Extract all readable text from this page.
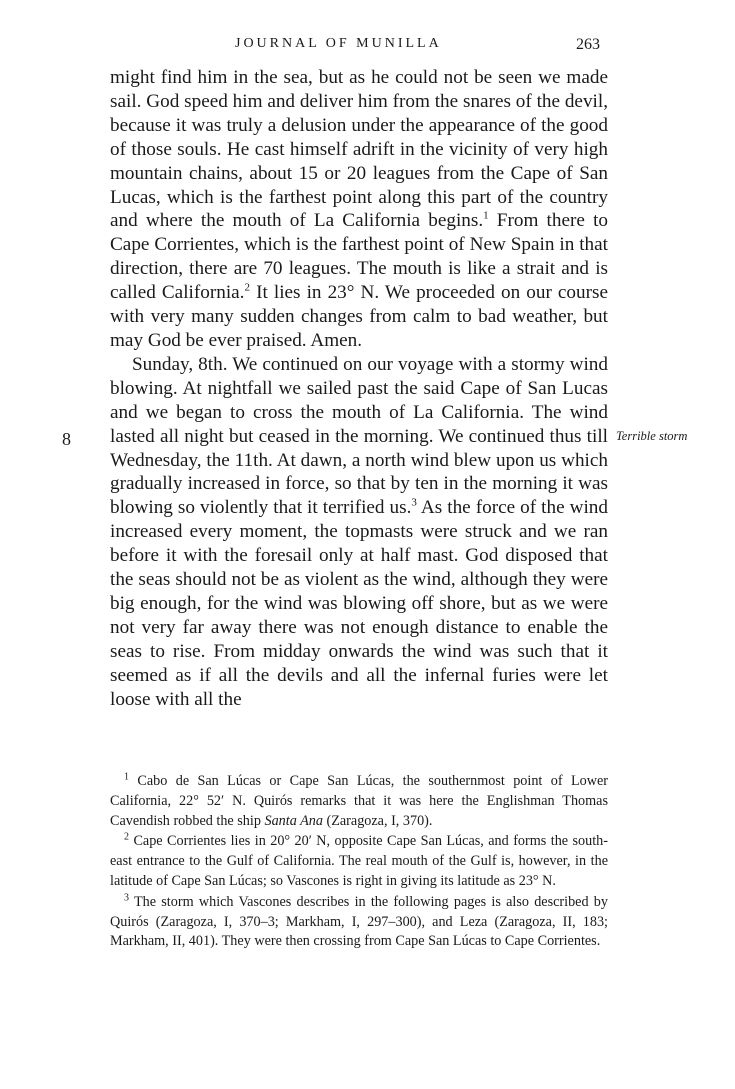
JOURNAL OF MUNILLA	263
8	Terrible storm

might find him in the sea, but as he could not be seen we made sail. God speed him and deliver him from the snares of the devil, because it was truly a delusion under the appearance of the good of those souls. He cast himself adrift in the vicinity of very high mountain chains, about 15 or 20 leagues from the Cape of San Lucas, which is the farthest point along this part of the country and where the mouth of La California begins.$^1$ From there to Cape Corrientes, which is the farthest point of New Spain in that direction, there are 70 leagues. The mouth is like a strait and is called California.$^2$ It lies in 23° N. We proceeded on our course with very many sudden changes from calm to bad weather, but may God be ever praised. Amen.

Sunday, 8th. We continued on our voyage with a stormy wind blowing. At nightfall we sailed past the said Cape of San Lucas and we began to cross the mouth of La California. The wind lasted all night but ceased in the morning. We continued thus till Wednesday, the 11th. At dawn, a north wind blew upon us which gradually increased in force, so that by ten in the morning it was blowing so violently that it terrified us.$^3$ As the force of the wind increased every moment, the topmasts were struck and we ran before it with the foresail only at half mast. God disposed that the seas should not be as violent as the wind, although they were big enough, for the wind was blowing off shore, but as we were not very far away there was not enough distance to enable the seas to rise. From midday onwards the wind was such that it seemed as if all the devils and all the infernal furies were let loose with all the

$^1$ Cabo de San Lúcas or Cape San Lúcas, the southernmost point of Lower California, 22° 52′ N. Quirós remarks that it was here the Englishman Thomas Cavendish robbed the ship Santa Ana (Zaragoza, I, 370).

$^2$ Cape Corrientes lies in 20° 20′ N, opposite Cape San Lúcas, and forms the south-east entrance to the Gulf of California. The real mouth of the Gulf is, however, in the latitude of Cape San Lúcas; so Vascones is right in giving its latitude as 23° N.

$^3$ The storm which Vascones describes in the following pages is also described by Quirós (Zaragoza, I, 370–3; Markham, I, 297–300), and Leza (Zaragoza, II, 183; Markham, II, 401). They were then crossing from Cape San Lúcas to Cape Corrientes.
